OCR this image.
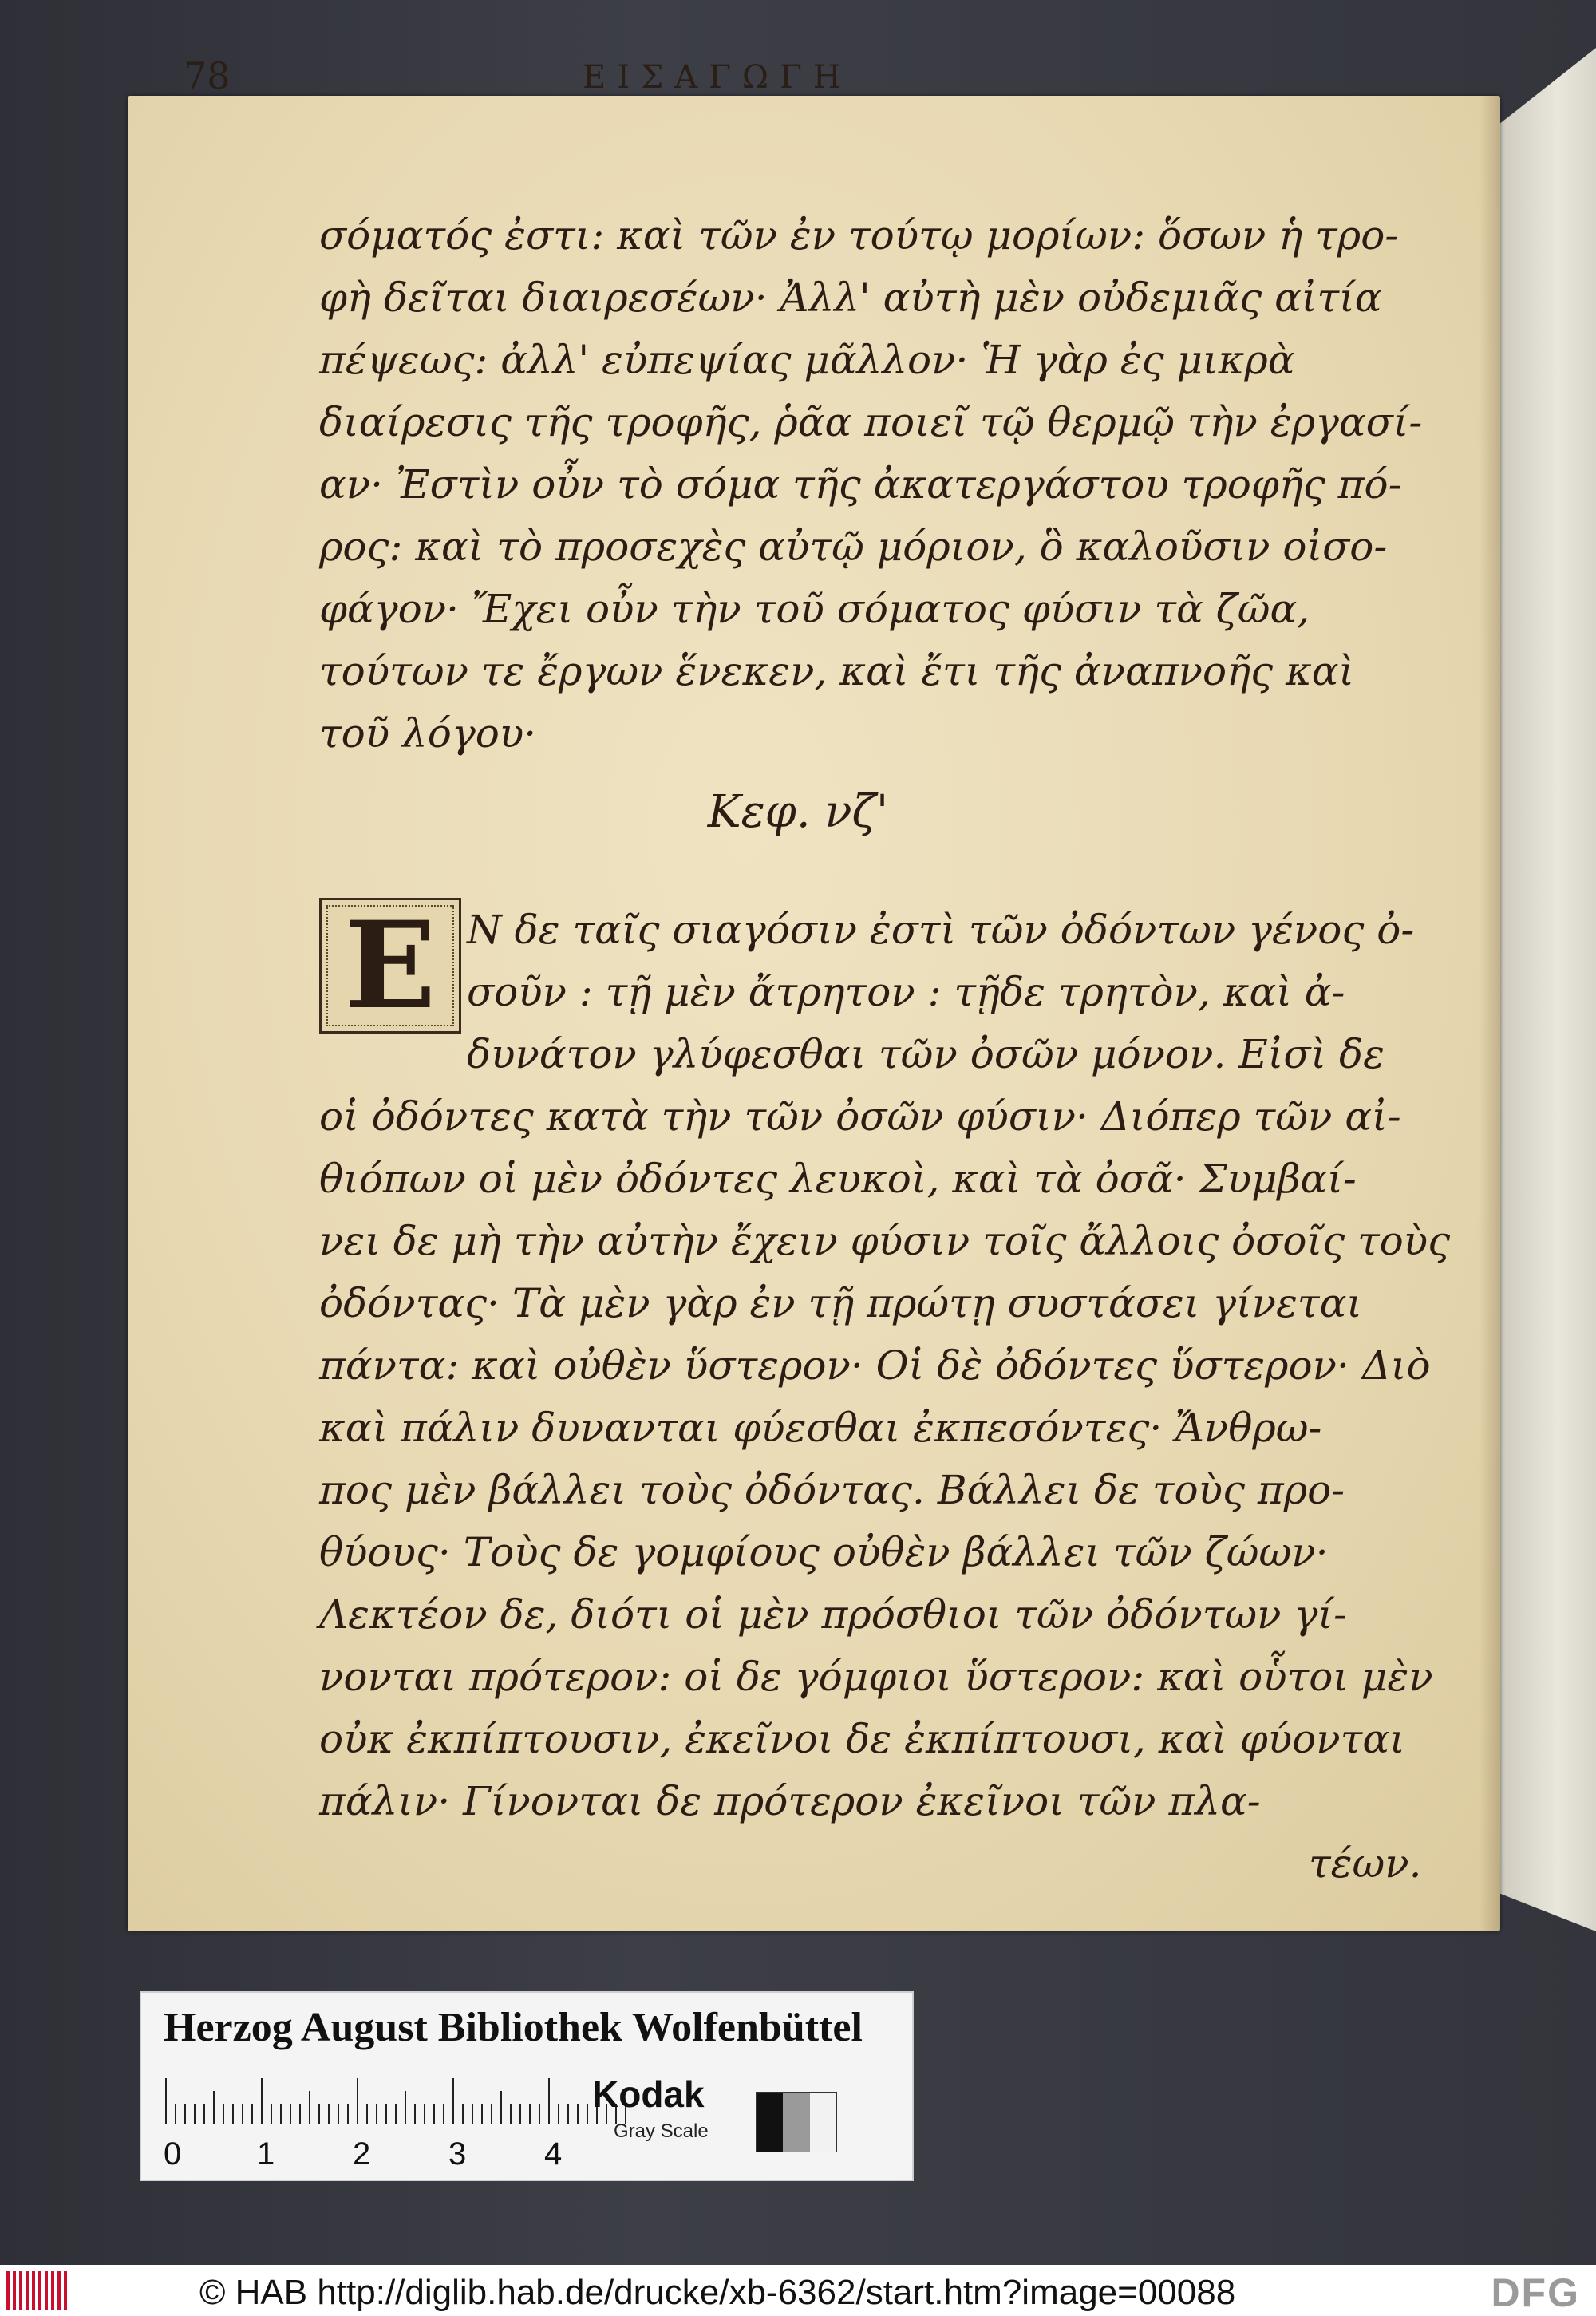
78	ΕΙΣΑΓΩΓΗ
σόματός ἐστι: καὶ τῶν ἐν τούτῳ μορίων: ὅσων ἡ τρο-
φὴ δεῖται διαιρεσέων· Ἀλλ' αὐτὴ μὲν οὐδεμιᾶς αἰτία
πέψεως: ἀλλ' εὐπεψίας μᾶλλον· Ἡ γὰρ ἐς μικρὰ
διαίρεσις τῆς τροφῆς, ῥᾶα ποιεῖ τῷ θερμῷ τὴν ἐργασί-
αν· Ἐστὶν οὖν τὸ σόμα τῆς ἀκατεργάστου τροφῆς πό-
ρος: καὶ τὸ προσεχὲς αὐτῷ μόριον, ὃ καλοῦσιν οἰσο-
φάγον· Ἔχει οὖν τὴν τοῦ σόματος φύσιν τὰ ζῶα,
τούτων τε ἔργων ἕνεκεν, καὶ ἔτι τῆς ἀναπνοῆς καὶ
τοῦ λόγου·
Κεφ. νζ'
E N δε ταῖς σιαγόσιν ἐστὶ τῶν ὀδόντων γένος ὀ-
σοῦν : τῇ μὲν ἄτρητον : τῇδε τρητὸν, καὶ ἀ-
δυνάτον γλύφεσθαι τῶν ὀσῶν μόνον. Εἰσὶ δε
οἱ ὀδόντες κατὰ τὴν τῶν ὀσῶν φύσιν· Διόπερ τῶν αἰ-
θιόπων οἱ μὲν ὀδόντες λευκοὶ, καὶ τὰ ὀσᾶ· Συμβαί-
νει δε μὴ τὴν αὐτὴν ἔχειν φύσιν τοῖς ἄλλοις ὀσοῖς τοὺς
ὀδόντας· Τὰ μὲν γὰρ ἐν τῇ πρώτῃ συστάσει γίνεται
πάντα: καὶ οὐθὲν ὕστερον· Οἱ δὲ ὀδόντες ὕστερον· Διὸ
καὶ πάλιν δυνανται φύεσθαι ἐκπεσόντες· Ἄνθρω-
πος μὲν βάλλει τοὺς ὀδόντας. Βάλλει δε τοὺς προ-
θύους· Τοὺς δε γομφίους οὐθὲν βάλλει τῶν ζώων·
Λεκτέον δε, διότι οἱ μὲν πρόσθιοι τῶν ὀδόντων γί-
νονται πρότερον: οἱ δε γόμφιοι ὕστερον: καὶ οὗτοι μὲν
οὐκ ἐκπίπτουσιν, ἐκεῖνοι δε ἐκπίπτουσι, καὶ φύονται
πάλιν· Γίνονται δε πρότερον ἐκεῖνοι τῶν πλα-
τέων.
Herzog August Bibliothek Wolfenbüttel
0 1 2 3 4
Kodak
Gray Scale
© HAB http://diglib.hab.de/drucke/xb-6362/start.htm?image=00088	DFG
